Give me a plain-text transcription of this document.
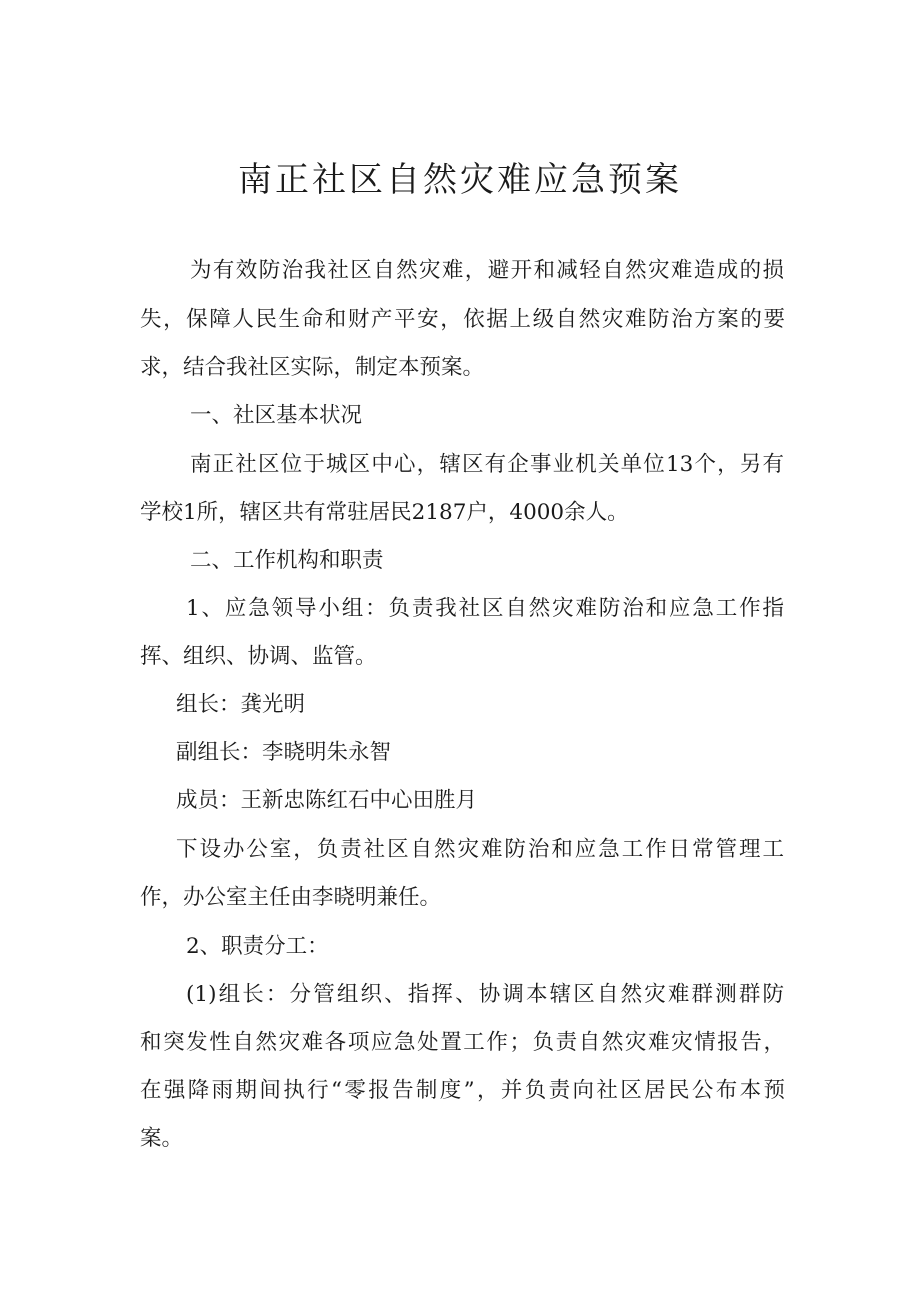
南正社区自然灾难应急预案

为有效防治我社区自然灾难，避开和减轻自然灾难造成的损

失，保障人民生命和财产平安，依据上级自然灾难防治方案的要

求，结合我社区实际，制定本预案。

一、社区基本状况

南正社区位于城区中心，辖区有企事业机关单位13个，另有

学校1所，辖区共有常驻居民2187户，4000余人。

二、工作机构和职责

1、应急领导小组：负责我社区自然灾难防治和应急工作指

挥、组织、协调、监管。

组长：龚光明

副组长：李晓明朱永智

成员：王新忠陈红石中心田胜月

下设办公室，负责社区自然灾难防治和应急工作日常管理工

作，办公室主任由李晓明兼任。

2、职责分工：

(1)组长：分管组织、指挥、协调本辖区自然灾难群测群防

和突发性自然灾难各项应急处置工作；负责自然灾难灾情报告，

在强降雨期间执行“零报告制度”，并负责向社区居民公布本预

案。
